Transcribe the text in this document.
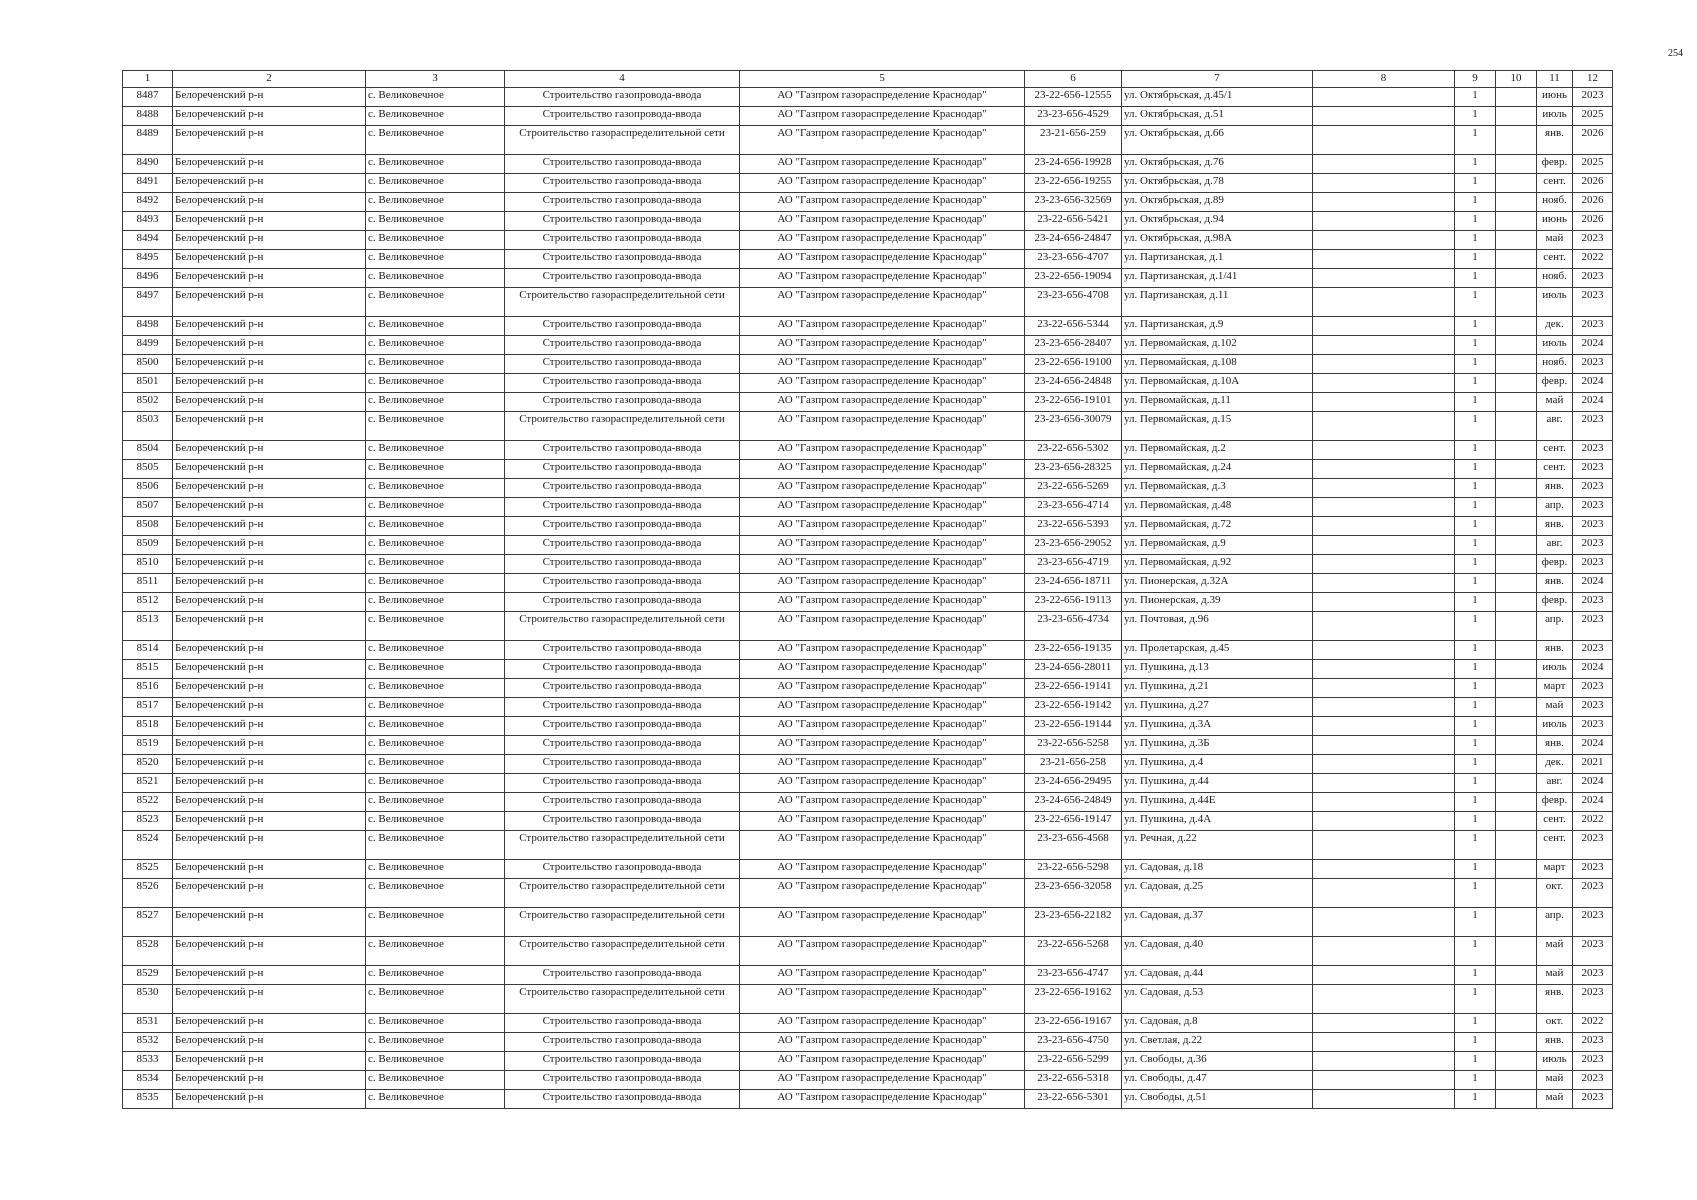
254
1	2	3	4	5	6	7	8	9	10	11	12
8487	Белореченский р-н	с. Великовечное	Строительство газопровода-ввода	АО "Газпром газораспределение Краснодар"	23-22-656-12555	ул. Октябрьская, д.45/1		1		июнь	2023
8488	Белореченский р-н	с. Великовечное	Строительство газопровода-ввода	АО "Газпром газораспределение Краснодар"	23-23-656-4529	ул. Октябрьская, д.51		1		июль	2025
8489	Белореченский р-н	с. Великовечное	Строительство газораспределительной сети	АО "Газпром газораспределение Краснодар"	23-21-656-259	ул. Октябрьская, д.66		1		янв.	2026
8490	Белореченский р-н	с. Великовечное	Строительство газопровода-ввода	АО "Газпром газораспределение Краснодар"	23-24-656-19928	ул. Октябрьская, д.76		1		февр.	2025
8491	Белореченский р-н	с. Великовечное	Строительство газопровода-ввода	АО "Газпром газораспределение Краснодар"	23-22-656-19255	ул. Октябрьская, д.78		1		сент.	2026
8492	Белореченский р-н	с. Великовечное	Строительство газопровода-ввода	АО "Газпром газораспределение Краснодар"	23-23-656-32569	ул. Октябрьская, д.89		1		нояб.	2026
8493	Белореченский р-н	с. Великовечное	Строительство газопровода-ввода	АО "Газпром газораспределение Краснодар"	23-22-656-5421	ул. Октябрьская, д.94		1		июнь	2026
8494	Белореченский р-н	с. Великовечное	Строительство газопровода-ввода	АО "Газпром газораспределение Краснодар"	23-24-656-24847	ул. Октябрьская, д.98А		1		май	2023
8495	Белореченский р-н	с. Великовечное	Строительство газопровода-ввода	АО "Газпром газораспределение Краснодар"	23-23-656-4707	ул. Партизанская, д.1		1		сент.	2022
8496	Белореченский р-н	с. Великовечное	Строительство газопровода-ввода	АО "Газпром газораспределение Краснодар"	23-22-656-19094	ул. Партизанская, д.1/41		1		нояб.	2023
8497	Белореченский р-н	с. Великовечное	Строительство газораспределительной сети	АО "Газпром газораспределение Краснодар"	23-23-656-4708	ул. Партизанская, д.11		1		июль	2023
8498	Белореченский р-н	с. Великовечное	Строительство газопровода-ввода	АО "Газпром газораспределение Краснодар"	23-22-656-5344	ул. Партизанская, д.9		1		дек.	2023
8499	Белореченский р-н	с. Великовечное	Строительство газопровода-ввода	АО "Газпром газораспределение Краснодар"	23-23-656-28407	ул. Первомайская, д.102		1		июль	2024
8500	Белореченский р-н	с. Великовечное	Строительство газопровода-ввода	АО "Газпром газораспределение Краснодар"	23-22-656-19100	ул. Первомайская, д.108		1		нояб.	2023
8501	Белореченский р-н	с. Великовечное	Строительство газопровода-ввода	АО "Газпром газораспределение Краснодар"	23-24-656-24848	ул. Первомайская, д.10А		1		февр.	2024
8502	Белореченский р-н	с. Великовечное	Строительство газопровода-ввода	АО "Газпром газораспределение Краснодар"	23-22-656-19101	ул. Первомайская, д.11		1		май	2024
8503	Белореченский р-н	с. Великовечное	Строительство газораспределительной сети	АО "Газпром газораспределение Краснодар"	23-23-656-30079	ул. Первомайская, д.15		1		авг.	2023
8504	Белореченский р-н	с. Великовечное	Строительство газопровода-ввода	АО "Газпром газораспределение Краснодар"	23-22-656-5302	ул. Первомайская, д.2		1		сент.	2023
8505	Белореченский р-н	с. Великовечное	Строительство газопровода-ввода	АО "Газпром газораспределение Краснодар"	23-23-656-28325	ул. Первомайская, д.24		1		сент.	2023
8506	Белореченский р-н	с. Великовечное	Строительство газопровода-ввода	АО "Газпром газораспределение Краснодар"	23-22-656-5269	ул. Первомайская, д.3		1		янв.	2023
8507	Белореченский р-н	с. Великовечное	Строительство газопровода-ввода	АО "Газпром газораспределение Краснодар"	23-23-656-4714	ул. Первомайская, д.48		1		апр.	2023
8508	Белореченский р-н	с. Великовечное	Строительство газопровода-ввода	АО "Газпром газораспределение Краснодар"	23-22-656-5393	ул. Первомайская, д.72		1		янв.	2023
8509	Белореченский р-н	с. Великовечное	Строительство газопровода-ввода	АО "Газпром газораспределение Краснодар"	23-23-656-29052	ул. Первомайская, д.9		1		авг.	2023
8510	Белореченский р-н	с. Великовечное	Строительство газопровода-ввода	АО "Газпром газораспределение Краснодар"	23-23-656-4719	ул. Первомайская, д.92		1		февр.	2023
8511	Белореченский р-н	с. Великовечное	Строительство газопровода-ввода	АО "Газпром газораспределение Краснодар"	23-24-656-18711	ул. Пионерская, д.32А		1		янв.	2024
8512	Белореченский р-н	с. Великовечное	Строительство газопровода-ввода	АО "Газпром газораспределение Краснодар"	23-22-656-19113	ул. Пионерская, д.39		1		февр.	2023
8513	Белореченский р-н	с. Великовечное	Строительство газораспределительной сети	АО "Газпром газораспределение Краснодар"	23-23-656-4734	ул. Почтовая, д.96		1		апр.	2023
8514	Белореченский р-н	с. Великовечное	Строительство газопровода-ввода	АО "Газпром газораспределение Краснодар"	23-22-656-19135	ул. Пролетарская, д.45		1		янв.	2023
8515	Белореченский р-н	с. Великовечное	Строительство газопровода-ввода	АО "Газпром газораспределение Краснодар"	23-24-656-28011	ул. Пушкина, д.13		1		июль	2024
8516	Белореченский р-н	с. Великовечное	Строительство газопровода-ввода	АО "Газпром газораспределение Краснодар"	23-22-656-19141	ул. Пушкина, д.21		1		март	2023
8517	Белореченский р-н	с. Великовечное	Строительство газопровода-ввода	АО "Газпром газораспределение Краснодар"	23-22-656-19142	ул. Пушкина, д.27		1		май	2023
8518	Белореченский р-н	с. Великовечное	Строительство газопровода-ввода	АО "Газпром газораспределение Краснодар"	23-22-656-19144	ул. Пушкина, д.3А		1		июль	2023
8519	Белореченский р-н	с. Великовечное	Строительство газопровода-ввода	АО "Газпром газораспределение Краснодар"	23-22-656-5258	ул. Пушкина, д.3Б		1		янв.	2024
8520	Белореченский р-н	с. Великовечное	Строительство газопровода-ввода	АО "Газпром газораспределение Краснодар"	23-21-656-258	ул. Пушкина, д.4		1		дек.	2021
8521	Белореченский р-н	с. Великовечное	Строительство газопровода-ввода	АО "Газпром газораспределение Краснодар"	23-24-656-29495	ул. Пушкина, д.44		1		авг.	2024
8522	Белореченский р-н	с. Великовечное	Строительство газопровода-ввода	АО "Газпром газораспределение Краснодар"	23-24-656-24849	ул. Пушкина, д.44Е		1		февр.	2024
8523	Белореченский р-н	с. Великовечное	Строительство газопровода-ввода	АО "Газпром газораспределение Краснодар"	23-22-656-19147	ул. Пушкина, д.4А		1		сент.	2022
8524	Белореченский р-н	с. Великовечное	Строительство газораспределительной сети	АО "Газпром газораспределение Краснодар"	23-23-656-4568	ул. Речная, д.22		1		сент.	2023
8525	Белореченский р-н	с. Великовечное	Строительство газопровода-ввода	АО "Газпром газораспределение Краснодар"	23-22-656-5298	ул. Садовая, д.18		1		март	2023
8526	Белореченский р-н	с. Великовечное	Строительство газораспределительной сети	АО "Газпром газораспределение Краснодар"	23-23-656-32058	ул. Садовая, д.25		1		окт.	2023
8527	Белореченский р-н	с. Великовечное	Строительство газораспределительной сети	АО "Газпром газораспределение Краснодар"	23-23-656-22182	ул. Садовая, д.37		1		апр.	2023
8528	Белореченский р-н	с. Великовечное	Строительство газораспределительной сети	АО "Газпром газораспределение Краснодар"	23-22-656-5268	ул. Садовая, д.40		1		май	2023
8529	Белореченский р-н	с. Великовечное	Строительство газопровода-ввода	АО "Газпром газораспределение Краснодар"	23-23-656-4747	ул. Садовая, д.44		1		май	2023
8530	Белореченский р-н	с. Великовечное	Строительство газораспределительной сети	АО "Газпром газораспределение Краснодар"	23-22-656-19162	ул. Садовая, д.53		1		янв.	2023
8531	Белореченский р-н	с. Великовечное	Строительство газопровода-ввода	АО "Газпром газораспределение Краснодар"	23-22-656-19167	ул. Садовая, д.8		1		окт.	2022
8532	Белореченский р-н	с. Великовечное	Строительство газопровода-ввода	АО "Газпром газораспределение Краснодар"	23-23-656-4750	ул. Светлая, д.22		1		янв.	2023
8533	Белореченский р-н	с. Великовечное	Строительство газопровода-ввода	АО "Газпром газораспределение Краснодар"	23-22-656-5299	ул. Свободы, д.36		1		июль	2023
8534	Белореченский р-н	с. Великовечное	Строительство газопровода-ввода	АО "Газпром газораспределение Краснодар"	23-22-656-5318	ул. Свободы, д.47		1		май	2023
8535	Белореченский р-н	с. Великовечное	Строительство газопровода-ввода	АО "Газпром газораспределение Краснодар"	23-22-656-5301	ул. Свободы, д.51		1		май	2023
